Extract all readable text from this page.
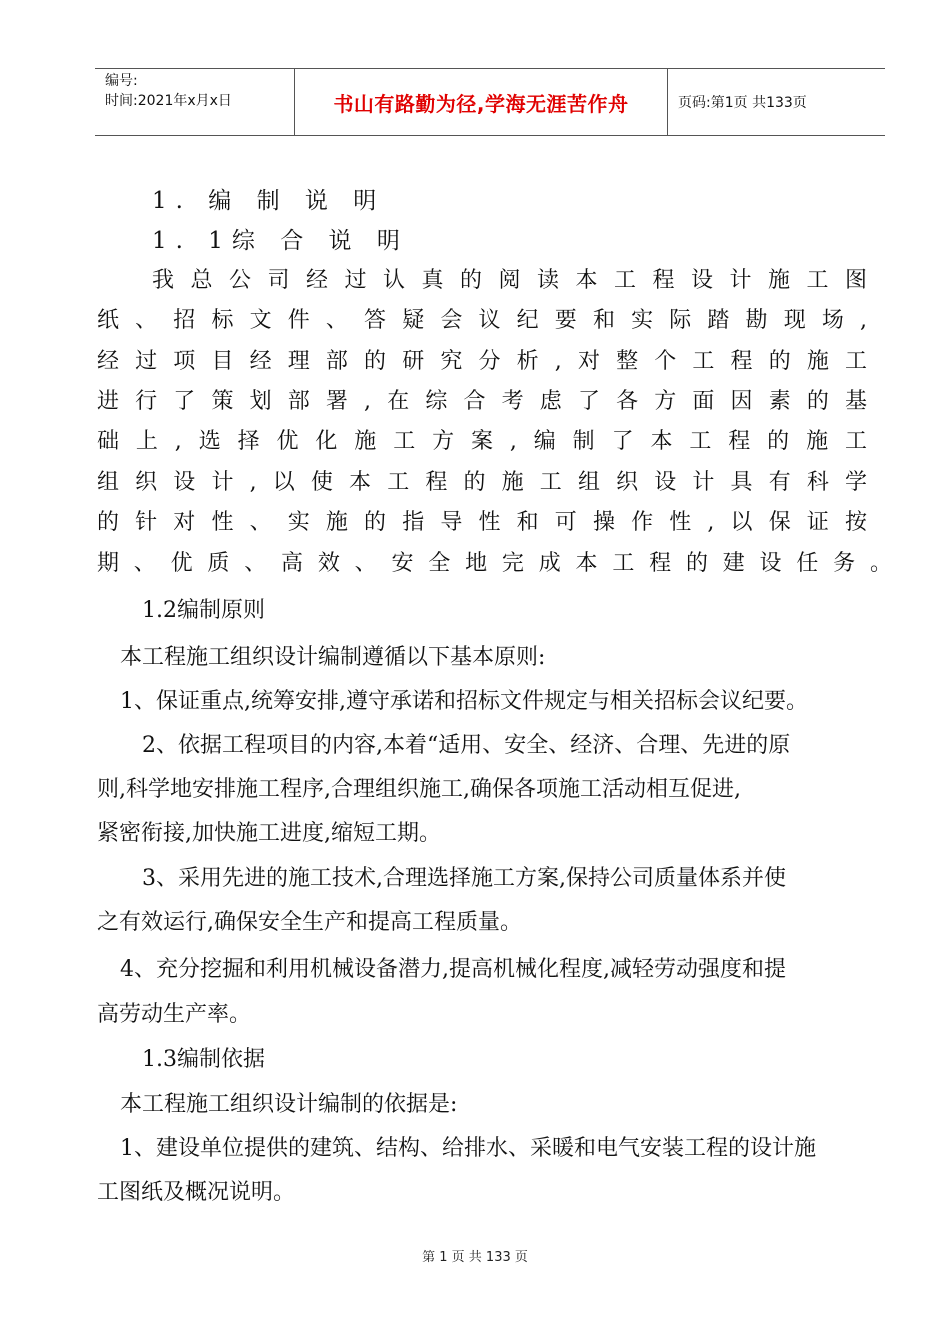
编号:
时间:2021年x月x日	书山有路勤为径,学海无涯苦作舟	页码:第1页 共133页
1. 编 制 说 明
1. 1综 合 说 明
我总公司经过认真的阅读本工程设计施工图
纸、招标文件、答疑会议纪要和实际踏勘现场,
经过项目经理部的研究分析,对整个工程的施工
进行了策划部署,在综合考虑了各方面因素的基
础上,选择优化施工方案,编制了本工程的施工
组织设计,以使本工程的施工组织设计具有科学
的针对性、实施的指导性和可操作性,以保证按
期、优质、高效、安全地完成本工程的建设任务。
1.2编制原则
本工程施工组织设计编制遵循以下基本原则:
1、保证重点,统筹安排,遵守承诺和招标文件规定与相关招标会议纪要。
2、依据工程项目的内容,本着“适用、安全、经济、合理、先进的原
则,科学地安排施工程序,合理组织施工,确保各项施工活动相互促进,
紧密衔接,加快施工进度,缩短工期。
3、采用先进的施工技术,合理选择施工方案,保持公司质量体系并使
之有效运行,确保安全生产和提高工程质量。
4、充分挖掘和利用机械设备潜力,提高机械化程度,减轻劳动强度和提
高劳动生产率。
1.3编制依据
本工程施工组织设计编制的依据是:
1、建设单位提供的建筑、结构、给排水、采暖和电气安装工程的设计施
工图纸及概况说明。
第 1 页 共 133 页
